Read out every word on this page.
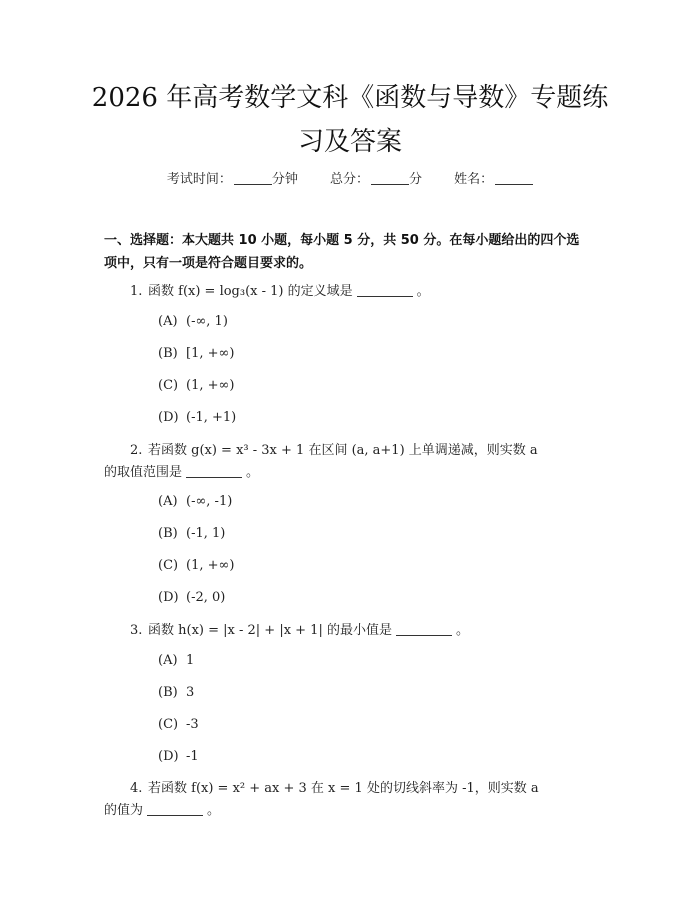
2026 年高考数学文科《函数与导数》专题练
习及答案
考试时间：	分钟 总分：	分 姓名：
一、选择题：本大题共 10 小题，每小题 5 分，共 50 分。在每小题给出的四个选
项中，只有一项是符合题目要求的。
1. 函数 f(x) = log₃(x - 1) 的定义域是	。
(A) (-∞, 1)
(B) [1, +∞)
(C) (1, +∞)
(D) (-1, +1)
2. 若函数 g(x) = x³ - 3x + 1 在区间 (a, a+1) 上单调递减，则实数 a
的取值范围是	。
(A) (-∞, -1)
(B) (-1, 1)
(C) (1, +∞)
(D) (-2, 0)
3. 函数 h(x) = |x - 2| + |x + 1| 的最小值是	。
(A) 1
(B) 3
(C) -3
(D) -1
4. 若函数 f(x) = x² + ax + 3 在 x = 1 处的切线斜率为 -1，则实数 a
的值为	。
